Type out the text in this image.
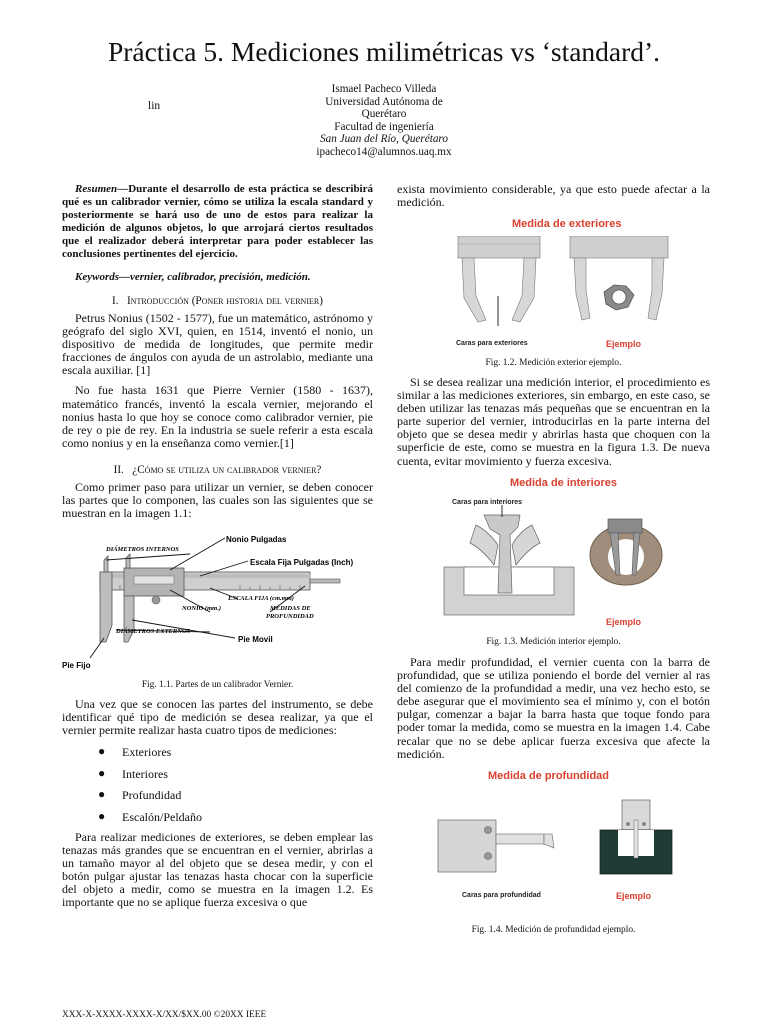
Práctica 5. Mediciones milimétricas vs ‘standard’.
lin
Ismael Pacheco Villeda
Universidad Autónoma de
Querétaro
Facultad de ingeniería
San Juan del Río, Querétaro
ipacheco14@alumnos.uaq.mx
Resumen—Durante el desarrollo de esta práctica se describirá qué es un calibrador vernier, cómo se utiliza la escala standard y posteriormente se hará uso de uno de estos para realizar la medición de algunos objetos, lo que arrojará ciertos resultados que el realizador deberá interpretar para poder establecer las conclusiones pertinentes del ejercicio.
Keywords—vernier, calibrador, precisión, medición.
I. Introducción (Poner historia del vernier)

Petrus Nonius (1502 - 1577), fue un matemático, astrónomo y geógrafo del siglo XVI, quien, en 1514, inventó el nonio, un dispositivo de medida de longitudes, que permite medir fracciones de ángulos con ayuda de un astrolabio, mediante una escala auxiliar. [1]

No fue hasta 1631 que Pierre Vernier (1580 - 1637), matemático francés, inventó la escala vernier, mejorando el nonius hasta lo que hoy se conoce como calibrador vernier, pie de rey o pie de rey. En la industria se suele referir a esta escala como nonius y en la enseñanza como vernier.[1]

II. ¿Cómo se utiliza un calibrador vernier?

Como primer paso para utilizar un vernier, se deben conocer las partes que lo componen, las cuales son las siguientes que se muestran en la imagen 1.1:

DIÁMETROS INTERNOS
Nonio Pulgadas
Escala Fija Pulgadas (Inch)
ESCALA FIJA (cm.mm)
NONIO (mm.)	MEDIDAS DE
PROFUNDIDAD
DIÁMETROS EXTERNOS
Pie Movil
Pie Fijo
Fig. 1.1. Partes de un calibrador Vernier.

Una vez que se conocen las partes del instrumento, se debe identificar qué tipo de medición se desea realizar, ya que el vernier permite realizar hasta cuatro tipos de mediciones:

● Exteriores
● Interiores
● Profundidad
● Escalón/Peldaño

Para realizar mediciones de exteriores, se deben emplear las tenazas más grandes que se encuentran en el vernier, abrirlas a un tamaño mayor al del objeto que se desea medir, y con el botón pulgar ajustar las tenazas hasta chocar con la superficie del objeto a medir, como se muestra en la imagen 1.2. Es importante que no se aplique fuerza excesiva o que

exista movimiento considerable, ya que esto puede afectar a la medición.

Medida de exteriores
Caras para exteriores	Ejemplo
Fig. 1.2. Medición exterior ejemplo.

Si se desea realizar una medición interior, el procedimiento es similar a las mediciones exteriores, sin embargo, en este caso, se deben utilizar las tenazas más pequeñas que se encuentran en la parte superior del vernier, introducirlas en la parte interna del objeto que se desea medir y abrirlas hasta que choquen con la superficie de este, como se muestra en la figura 1.3. De nueva cuenta, evitar movimiento y fuerza excesiva.

Medida de interiores
Caras para interiores
Ejemplo
Fig. 1.3. Medición interior ejemplo.

Para medir profundidad, el vernier cuenta con la barra de profundidad, que se utiliza poniendo el borde del vernier al ras del comienzo de la profundidad a medir, una vez hecho esto, se debe asegurar que el movimiento sea el mínimo y, con el botón pulgar, comenzar a bajar la barra hasta que toque fondo para poder tomar la medida, como se muestra en la imagen 1.4. Cabe recalar que no se debe aplicar fuerza excesiva que afecte la medición.

Medida de profundidad
Caras para profundidad	Ejemplo
Fig. 1.4. Medición de profundidad ejemplo.
XXX-X-XXXX-XXXX-X/XX/$XX.00 ©20XX IEEE
